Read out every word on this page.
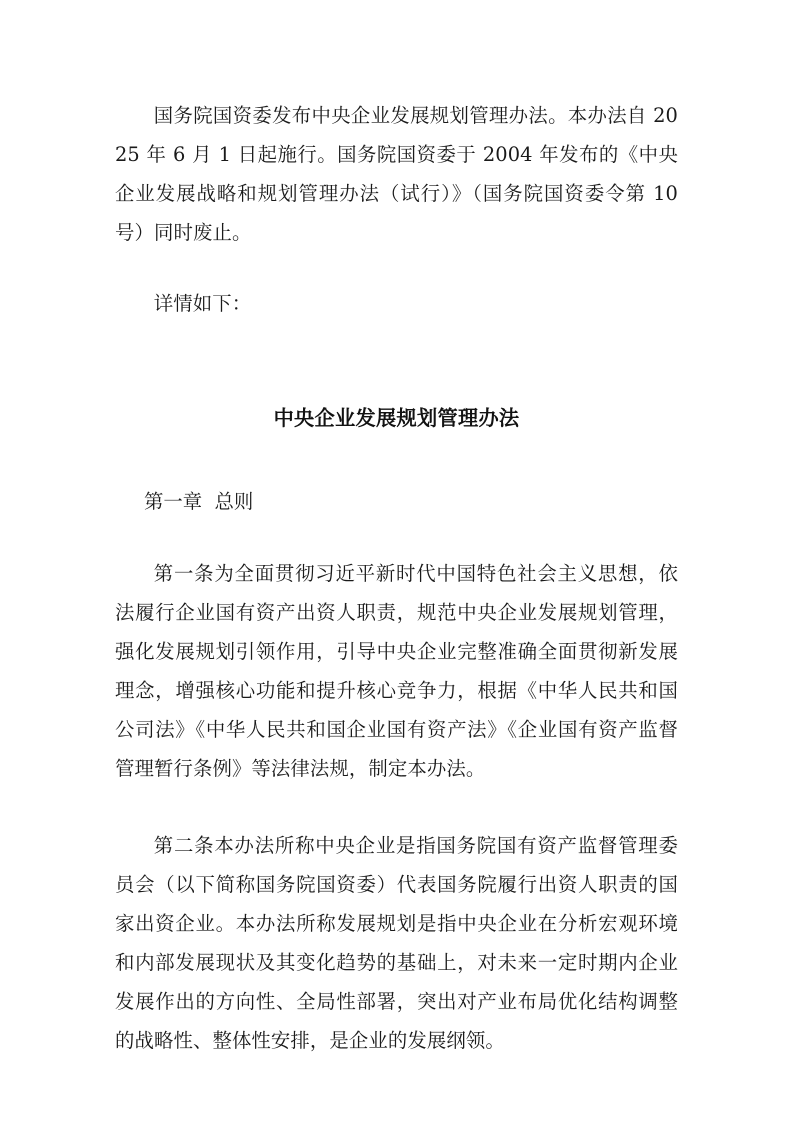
国务院国资委发布中央企业发展规划管理办法。本办法自 2025 年 6 月 1 日起施行。国务院国资委于 2004 年发布的《中央企业发展战略和规划管理办法（试行）》（国务院国资委令第 10 号）同时废止。

详情如下：

中央企业发展规划管理办法

第一章  总则

第一条为全面贯彻习近平新时代中国特色社会主义思想，依法履行企业国有资产出资人职责，规范中央企业发展规划管理，强化发展规划引领作用，引导中央企业完整准确全面贯彻新发展理念，增强核心功能和提升核心竞争力，根据《中华人民共和国公司法》《中华人民共和国企业国有资产法》《企业国有资产监督管理暂行条例》等法律法规，制定本办法。

第二条本办法所称中央企业是指国务院国有资产监督管理委员会（以下简称国务院国资委）代表国务院履行出资人职责的国家出资企业。本办法所称发展规划是指中央企业在分析宏观环境和内部发展现状及其变化趋势的基础上，对未来一定时期内企业发展作出的方向性、全局性部署，突出对产业布局优化结构调整的战略性、整体性安排，是企业的发展纲领。
